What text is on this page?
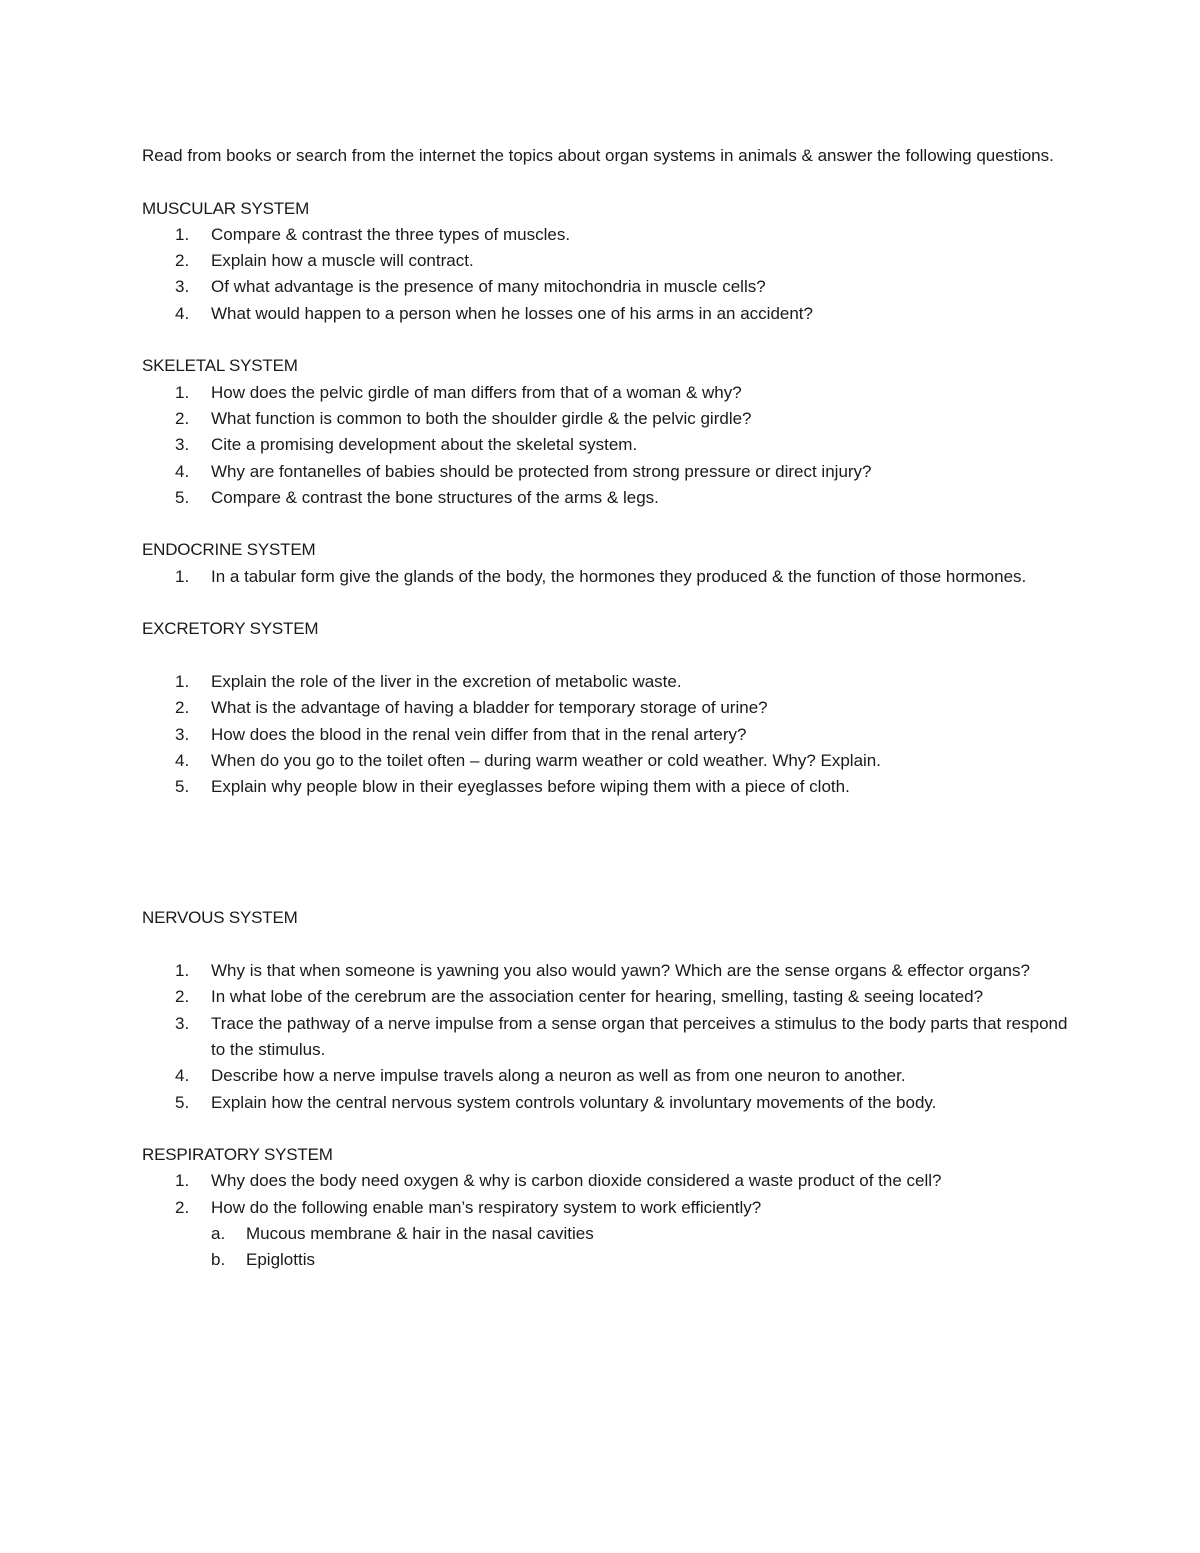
Read from books or search from the internet the topics about organ systems in animals & answer the following questions.

MUSCULAR SYSTEM
1. Compare & contrast the three types of muscles.
2. Explain how a muscle will contract.
3. Of what advantage is the presence of many mitochondria in muscle cells?
4. What would happen to a person when he losses one of his arms in an accident?
SKELETAL SYSTEM
1. How does the pelvic girdle of man differs from that of a woman & why?
2. What function is common to both the shoulder girdle & the pelvic girdle?
3. Cite a promising development about the skeletal system.
4. Why are fontanelles of babies should be protected from strong pressure or direct injury?
5. Compare & contrast the bone structures of the arms & legs.
ENDOCRINE SYSTEM
1. In a tabular form give the glands of the body, the hormones they produced & the function of those hormones.
EXCRETORY SYSTEM
1. Explain the role of the liver in the excretion of metabolic waste.
2. What is the advantage of having a bladder for temporary storage of urine?
3. How does the blood in the renal vein differ from that in the renal artery?
4. When do you go to the toilet often – during warm weather or cold weather. Why? Explain.
5. Explain why people blow in their eyeglasses before wiping them with a piece of cloth.
NERVOUS SYSTEM
1. Why is that when someone is yawning you also would yawn? Which are the sense organs & effector organs?
2. In what lobe of the cerebrum are the association center for hearing, smelling, tasting & seeing located?
3. Trace the pathway of a nerve impulse from a sense organ that perceives a stimulus to the body parts that respond to the stimulus.
4. Describe how a nerve impulse travels along a neuron as well as from one neuron to another.
5. Explain how the central nervous system controls voluntary & involuntary movements of the body.
RESPIRATORY SYSTEM
1. Why does the body need oxygen & why is carbon dioxide considered a waste product of the cell?
2. How do the following enable man’s respiratory system to work efficiently?
a. Mucous membrane & hair in the nasal cavities
b. Epiglottis
